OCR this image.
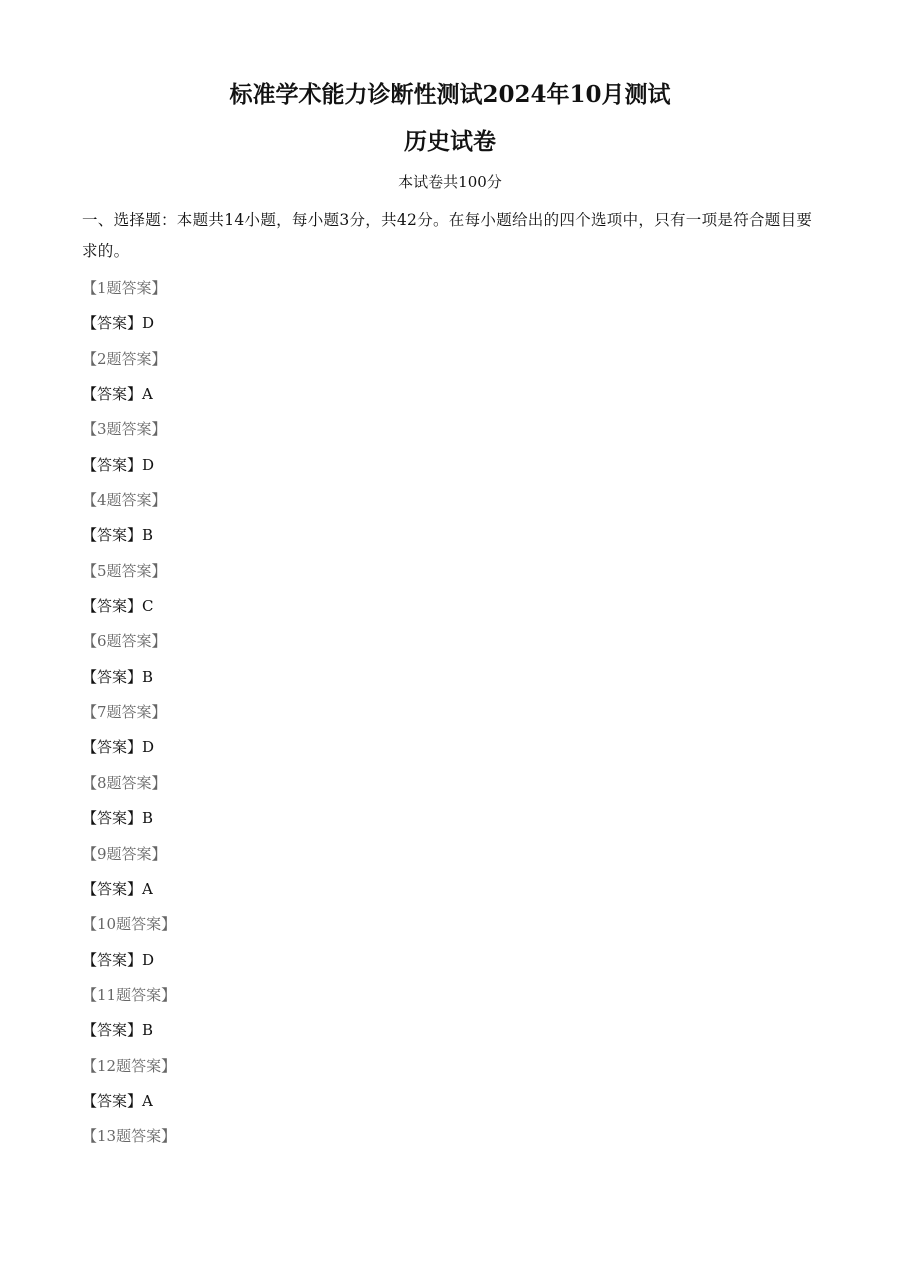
标准学术能力诊断性测试2024年10月测试
历史试卷
本试卷共100分
一、选择题：本题共14小题，每小题3分，共42分。在每小题给出的四个选项中，只有一项是符合题目要求的。
【1题答案】
【答案】D
【2题答案】
【答案】A
【3题答案】
【答案】D
【4题答案】
【答案】B
【5题答案】
【答案】C
【6题答案】
【答案】B
【7题答案】
【答案】D
【8题答案】
【答案】B
【9题答案】
【答案】A
【10题答案】
【答案】D
【11题答案】
【答案】B
【12题答案】
【答案】A
【13题答案】
